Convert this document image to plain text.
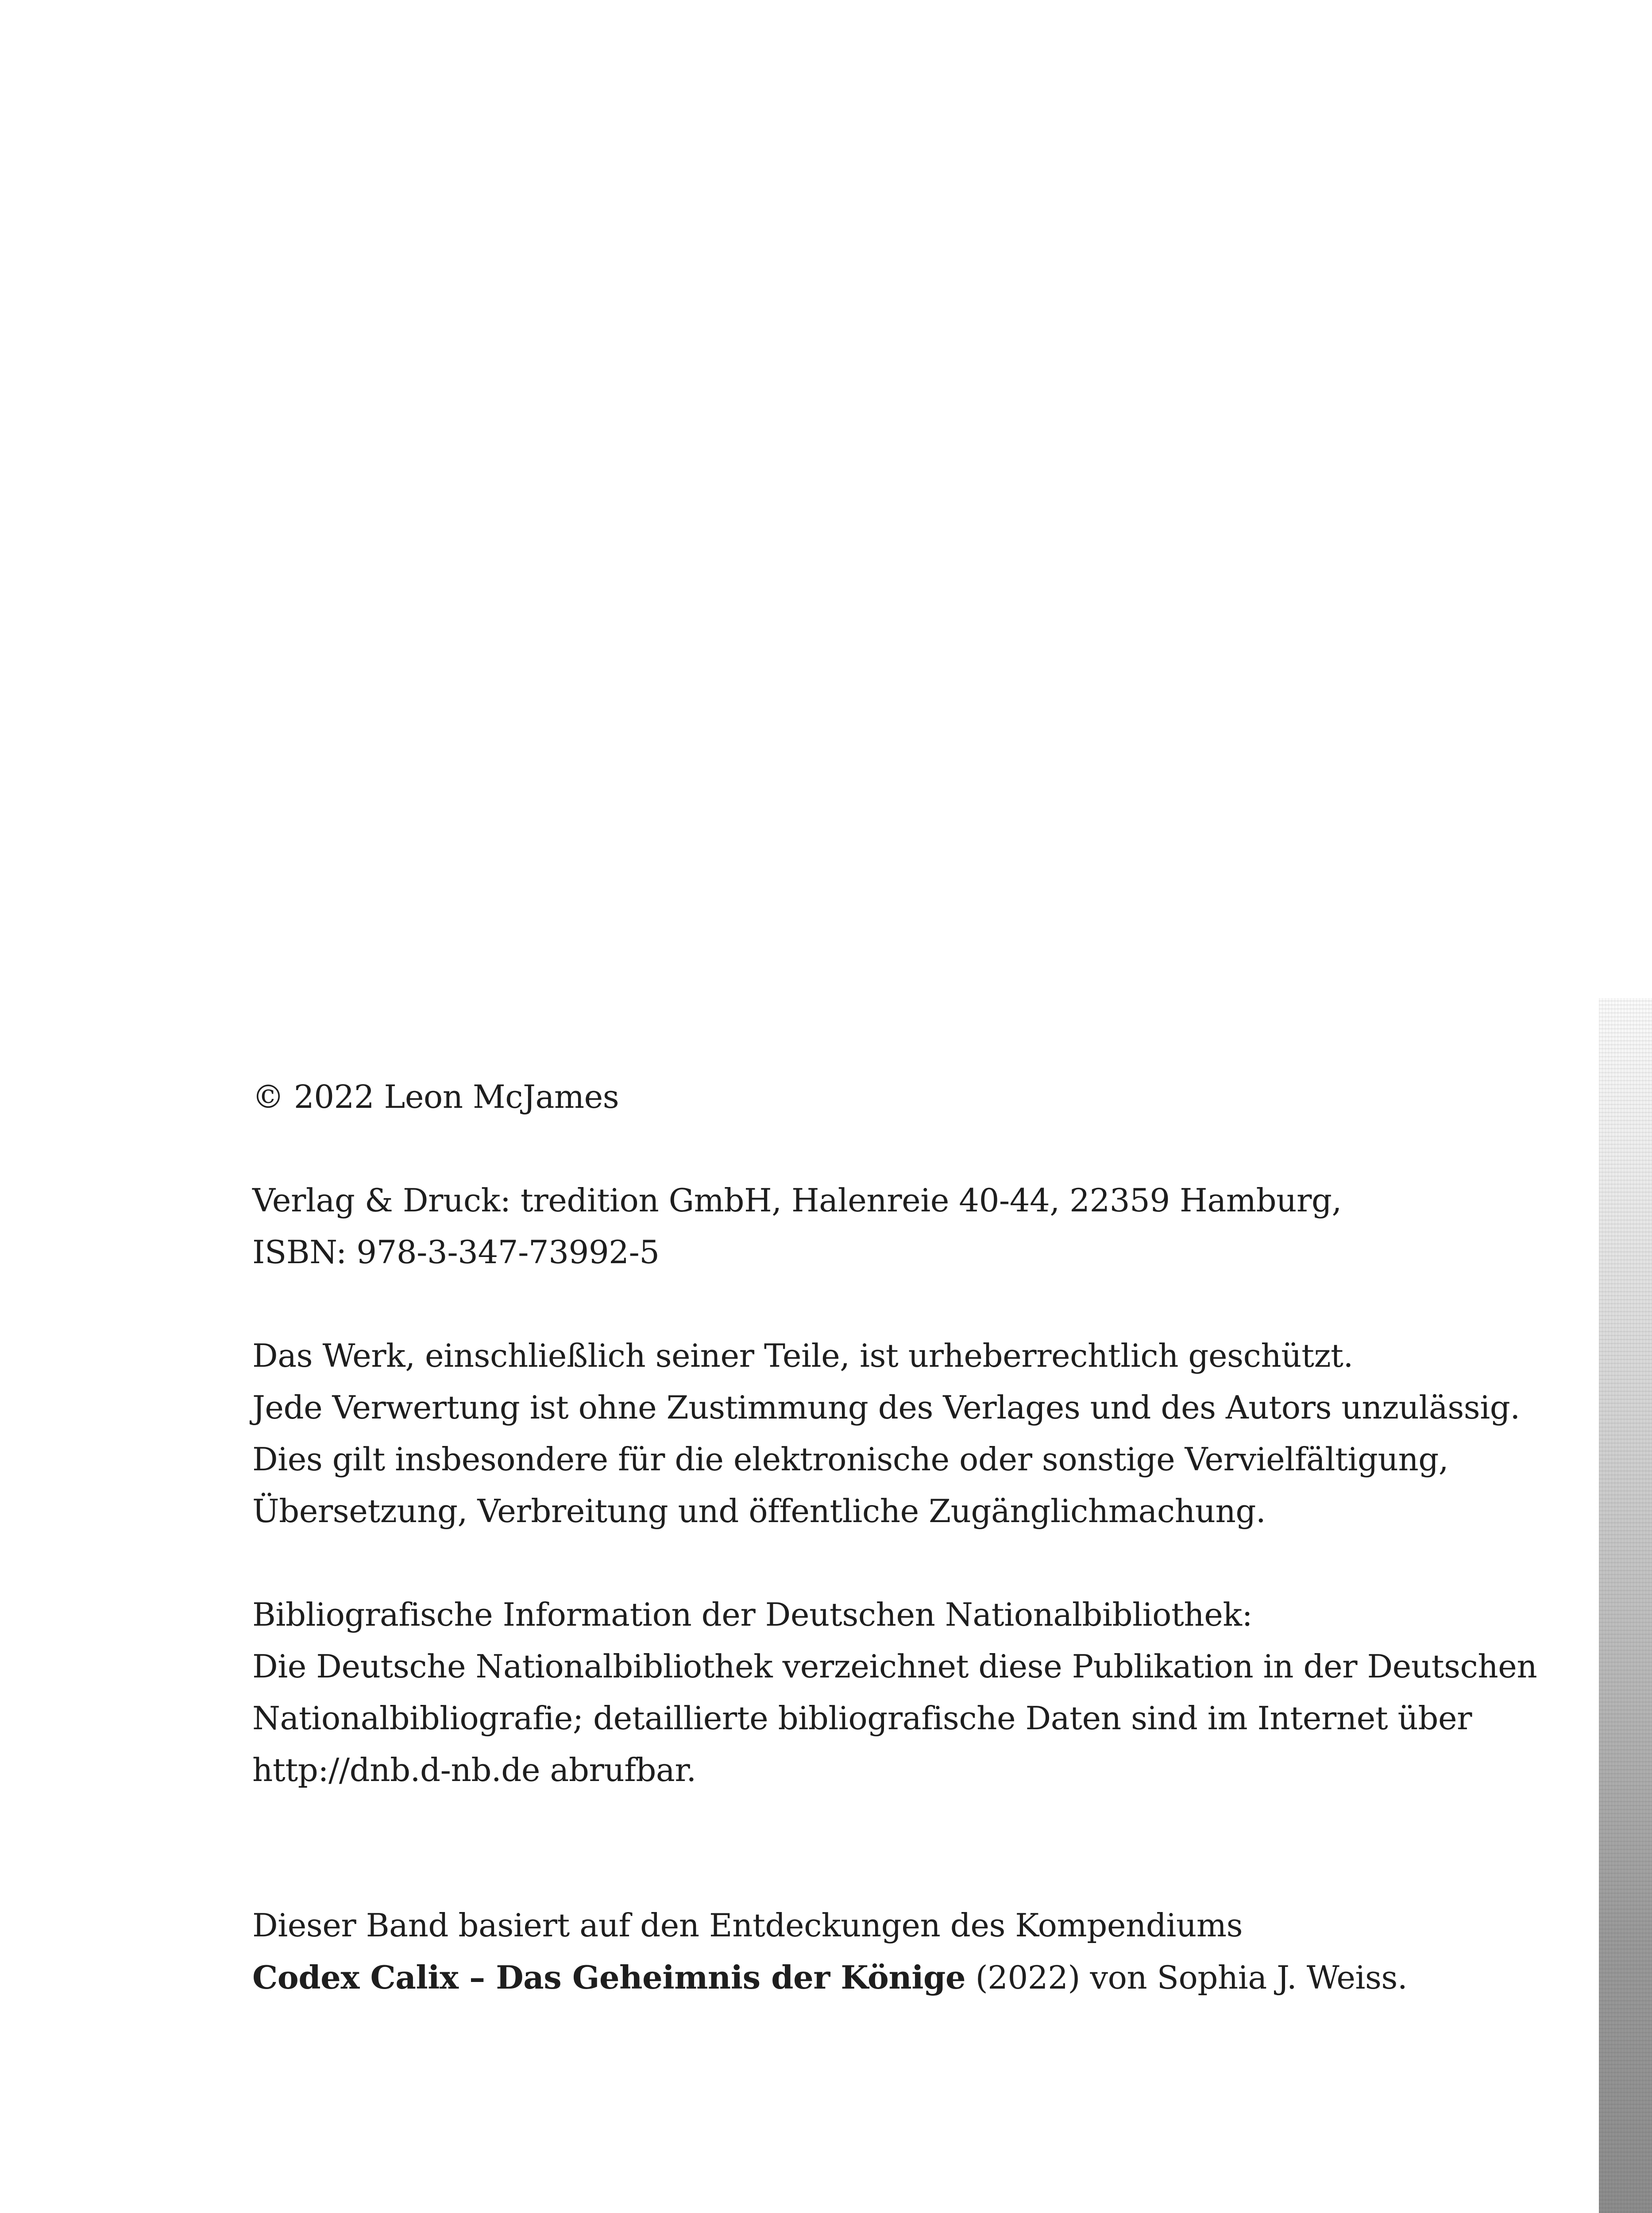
© 2022 Leon McJames

Verlag & Druck: tredition GmbH, Halenreie 40-44, 22359 Hamburg,

ISBN: 978-3-347-73992-5

Das Werk, einschließlich seiner Teile, ist urheberrechtlich geschützt.

Jede Verwertung ist ohne Zustimmung des Verlages und des Autors unzulässig.

Dies gilt insbesondere für die elektronische oder sonstige Vervielfältigung,

Übersetzung, Verbreitung und öffentliche Zugänglichmachung.

Bibliografische Information der Deutschen Nationalbibliothek:

Die Deutsche Nationalbibliothek verzeichnet diese Publikation in der Deutschen

Nationalbibliografie; detaillierte bibliografische Daten sind im Internet über

http://dnb.d-nb.de abrufbar.

Dieser Band basiert auf den Entdeckungen des Kompendiums

Codex Calix – Das Geheimnis der Könige (2022) von Sophia J. Weiss.
